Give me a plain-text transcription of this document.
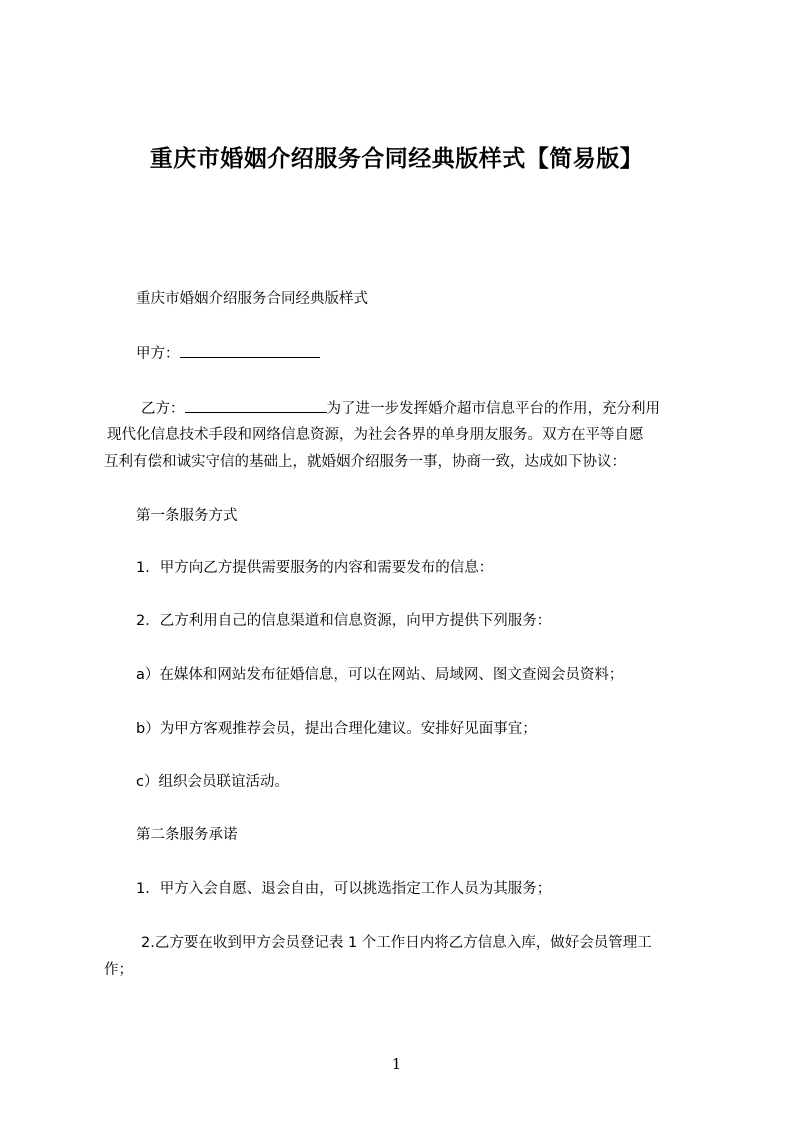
重庆市婚姻介绍服务合同经典版样式【简易版】
重庆市婚姻介绍服务合同经典版样式
甲方：
乙方：	为了进一步发挥婚介超市信息平台的作用，充分利用
现代化信息技术手段和网络信息资源，为社会各界的单身朋友服务。双方在平等自愿
互利有偿和诚实守信的基础上，就婚姻介绍服务一事，协商一致，达成如下协议：
第一条服务方式
1．甲方向乙方提供需要服务的内容和需要发布的信息：
2．乙方利用自己的信息渠道和信息资源，向甲方提供下列服务：
a）在媒体和网站发布征婚信息，可以在网站、局域网、图文查阅会员资料；
b）为甲方客观推荐会员，提出合理化建议。安排好见面事宜；
c）组织会员联谊活动。
第二条服务承诺
1．甲方入会自愿、退会自由，可以挑选指定工作人员为其服务；
2.乙方要在收到甲方会员登记表 1 个工作日内将乙方信息入库，做好会员管理工
作；
1
